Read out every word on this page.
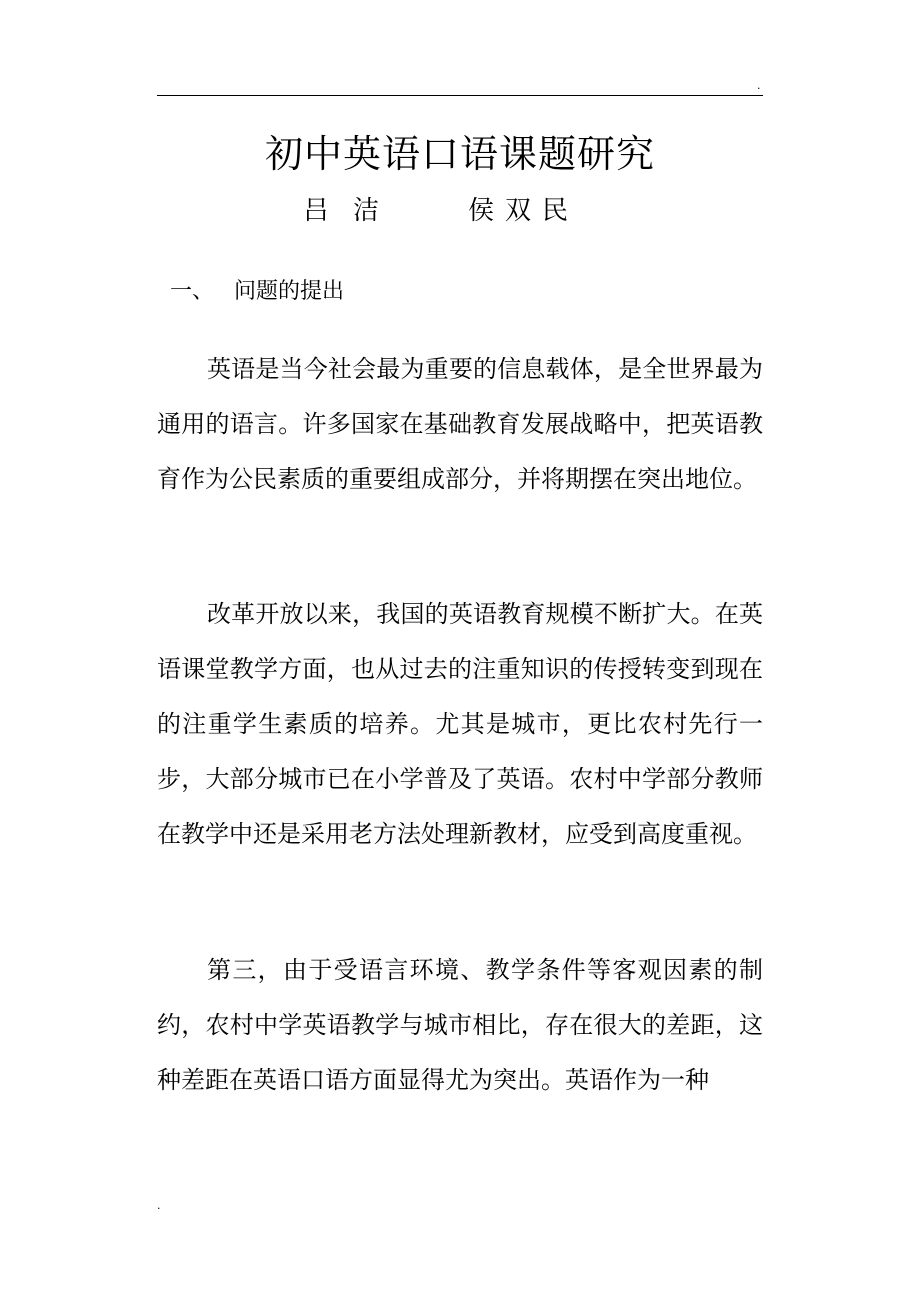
.
初中英语口语课题研究
吕洁 侯双民
一、 问题的提出

英语是当今社会最为重要的信息载体，是全世界最为通用的语言。许多国家在基础教育发展战略中，把英语教育作为公民素质的重要组成部分，并将期摆在突出地位。

改革开放以来，我国的英语教育规模不断扩大。在英语课堂教学方面，也从过去的注重知识的传授转变到现在的注重学生素质的培养。尤其是城市，更比农村先行一步，大部分城市已在小学普及了英语。农村中学部分教师在教学中还是采用老方法处理新教材，应受到高度重视。

第三，由于受语言环境、教学条件等客观因素的制约，农村中学英语教学与城市相比，存在很大的差距，这种差距在英语口语方面显得尤为突出。英语作为一种

.
